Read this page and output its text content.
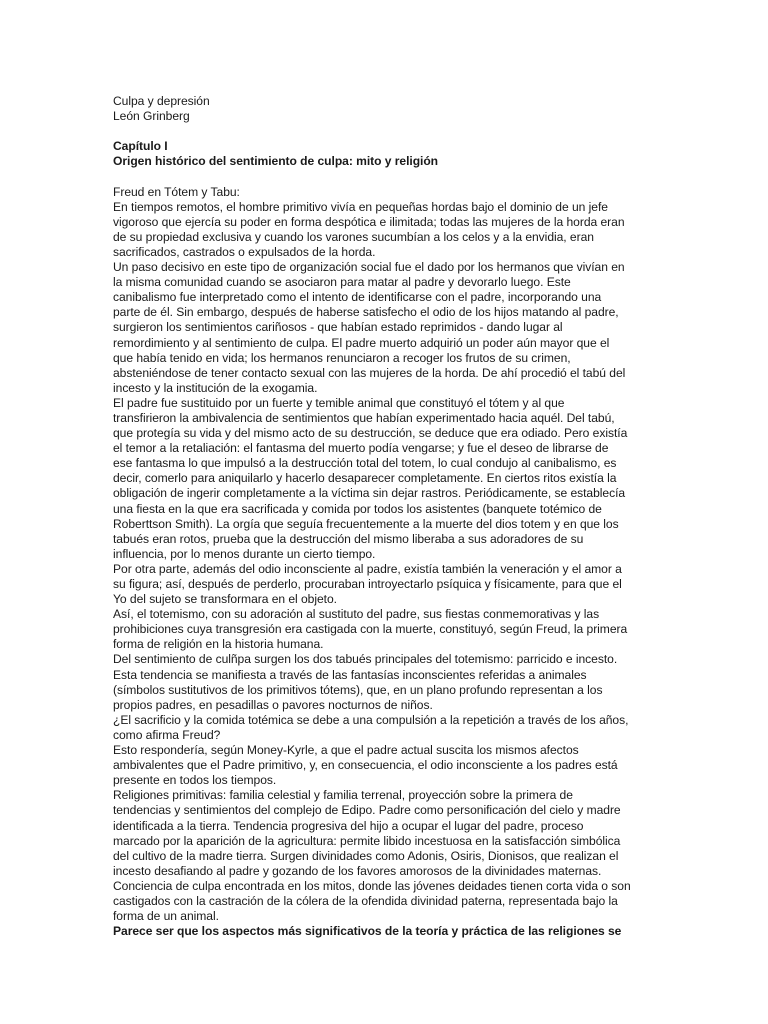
Culpa y depresión
León Grinberg
Capítulo I
Origen histórico del sentimiento de culpa: mito y religión
Freud en Tótem y Tabu:
En tiempos remotos, el hombre primitivo vivía en pequeñas hordas bajo el dominio de un jefe
vigoroso que ejercía su poder en forma despótica e ilimitada; todas las mujeres de la horda eran
de su propiedad exclusiva y cuando los varones sucumbían a los celos y a la envidia, eran
sacrificados, castrados o expulsados de la horda.
Un paso decisivo en este tipo de organización social fue el dado por los hermanos que vivían en
la misma comunidad cuando se asociaron para matar al padre y devorarlo luego. Este
canibalismo fue interpretado como el intento de identificarse con el padre, incorporando una
parte de él. Sin embargo, después de haberse satisfecho el odio de los hijos matando al padre,
surgieron los sentimientos cariñosos - que habían estado reprimidos - dando lugar al
remordimiento y al sentimiento de culpa. El padre muerto adquirió un poder aún mayor que el
que había tenido en vida; los hermanos renunciaron a recoger los frutos de su crimen,
absteniéndose de tener contacto sexual con las mujeres de la horda. De ahí procedió el tabú del
incesto y la institución de la exogamia.
El padre fue sustituido por un fuerte y temible animal que constituyó el tótem y al que
transfirieron la ambivalencia de sentimientos que habían experimentado hacia aquél. Del tabú,
que protegía su vida y del mismo acto de su destrucción, se deduce que era odiado. Pero existía
el temor a la retaliación: el fantasma del muerto podía vengarse; y fue el deseo de librarse de
ese fantasma lo que impulsó a la destrucción total del totem, lo cual condujo al canibalismo, es
decir, comerlo para aniquilarlo y hacerlo desaparecer completamente. En ciertos ritos existía la
obligación de ingerir completamente a la víctima sin dejar rastros. Periódicamente, se establecía
una fiesta en la que era sacrificada y comida por todos los asistentes (banquete totémico de
Roberttson Smith). La orgía que seguía frecuentemente a la muerte del dios totem y en que los
tabués eran rotos, prueba que la destrucción del mismo liberaba a sus adoradores de su
influencia, por lo menos durante un cierto tiempo.
Por otra parte, además del odio inconsciente al padre, existía también la veneración y el amor a
su figura; así, después de perderlo, procuraban introyectarlo psíquica y físicamente, para que el
Yo del sujeto se transformara en el objeto.
Así, el totemismo, con su adoración al sustituto del padre, sus fiestas conmemorativas y las
prohibiciones cuya transgresión era castigada con la muerte, constituyó, según Freud, la primera
forma de religión en la historia humana.
Del sentimiento de culñpa surgen los dos tabués principales del totemismo: parricido e incesto.
Esta tendencia se manifiesta a través de las fantasías inconscientes referidas a animales
(símbolos sustitutivos de los primitivos tótems), que, en un plano profundo representan a los
propios padres, en pesadillas o pavores nocturnos de niños.
¿El sacrificio y la comida totémica se debe a una compulsión a la repetición a través de los años,
como afirma Freud?
Esto respondería, según Money-Kyrle, a que el padre actual suscita los mismos afectos
ambivalentes que el Padre primitivo, y, en consecuencia, el odio inconsciente a los padres está
presente en todos los tiempos.
Religiones primitivas: familia celestial y familia terrenal, proyección sobre la primera de
tendencias y sentimientos del complejo de Edipo. Padre como personificación del cielo y madre
identificada a la tierra. Tendencia progresiva del hijo a ocupar el lugar del padre, proceso
marcado por la aparición de la agricultura: permite libido incestuosa en la satisfacción simbólica
del cultivo de la madre tierra. Surgen divinidades como Adonis, Osiris, Dionisos, que realizan el
incesto desafiando al padre y gozando de los favores amorosos de la divinidades maternas.
Conciencia de culpa encontrada en los mitos, donde las jóvenes deidades tienen corta vida o son
castigados con la castración de la cólera de la ofendida divinidad paterna, representada bajo la
forma de un animal.
Parece ser que los aspectos más significativos de la teoría y práctica de las religiones se
